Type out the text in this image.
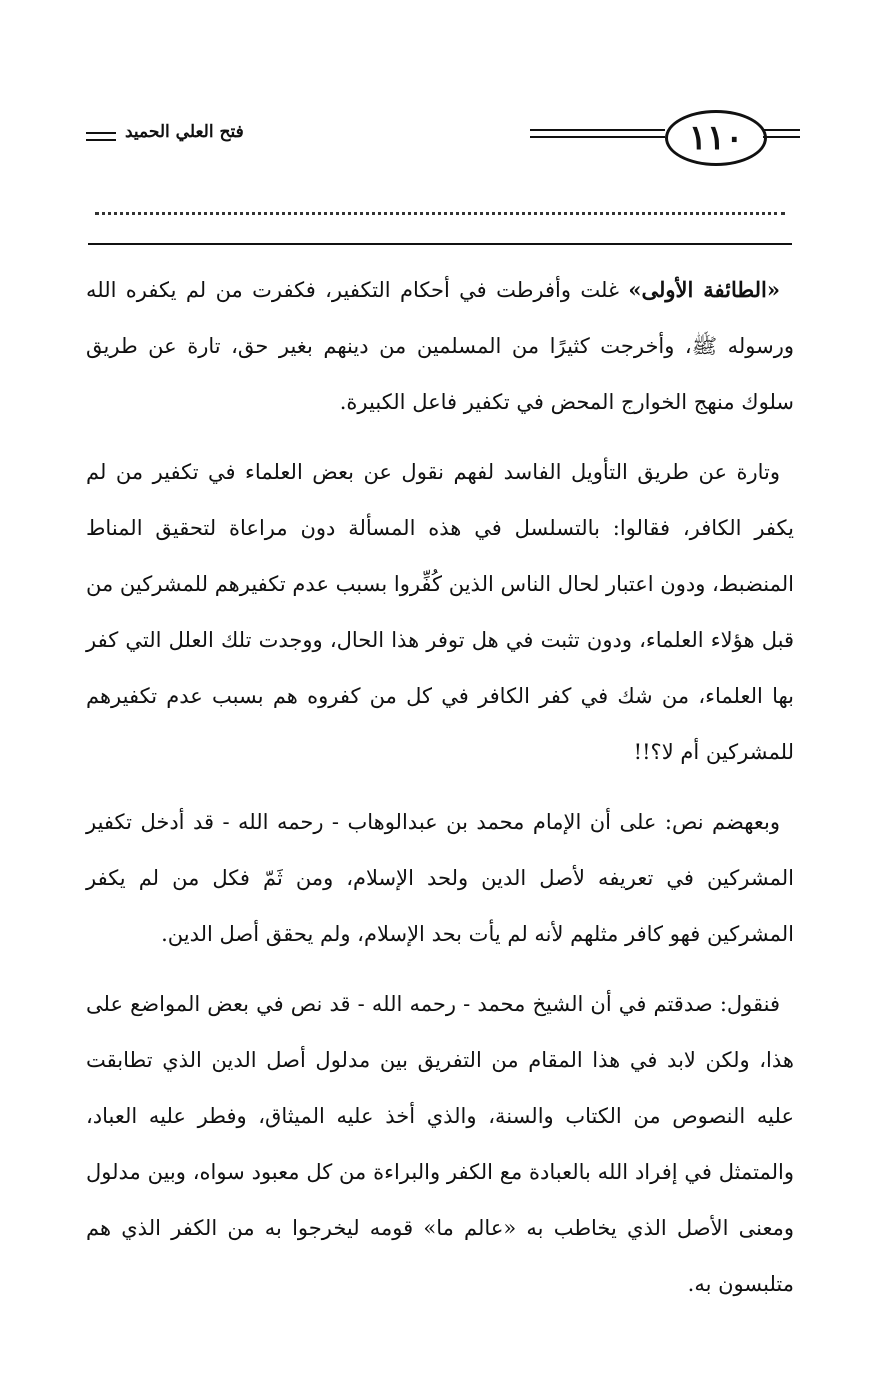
١١٠
فتح العلي الحميد

«الطائفة الأولى» غلت وأفرطت في أحكام التكفير، فكفرت من لم يكفره الله ورسوله ﷺ، وأخرجت كثيرًا من المسلمين من دينهم بغير حق، تارة عن طريق سلوك منهج الخوارج المحض في تكفير فاعل الكبيرة.

وتارة عن طريق التأويل الفاسد لفهم نقول عن بعض العلماء في تكفير من لم يكفر الكافر، فقالوا: بالتسلسل في هذه المسألة دون مراعاة لتحقيق المناط المنضبط، ودون اعتبار لحال الناس الذين كُفِّروا بسبب عدم تكفيرهم للمشركين من قبل هؤلاء العلماء، ودون تثبت في هل توفر هذا الحال، ووجدت تلك العلل التي كفر بها العلماء، من شك في كفر الكافر في كل من كفروه هم بسبب عدم تكفيرهم للمشركين أم لا؟!!

وبعهضم نص: على أن الإمام محمد بن عبدالوهاب - رحمه الله - قد أدخل تكفير المشركين في تعريفه لأصل الدين ولحد الإسلام، ومن ثَمّ فكل من لم يكفر المشركين فهو كافر مثلهم لأنه لم يأت بحد الإسلام، ولم يحقق أصل الدين.

فنقول: صدقتم في أن الشيخ محمد - رحمه الله - قد نص في بعض المواضع على هذا، ولكن لابد في هذا المقام من التفريق بين مدلول أصل الدين الذي تطابقت عليه النصوص من الكتاب والسنة، والذي أخذ عليه الميثاق، وفطر عليه العباد، والمتمثل في إفراد الله بالعبادة مع الكفر والبراءة من كل معبود سواه، وبين مدلول ومعنى الأصل الذي يخاطب به «عالم ما» قومه ليخرجوا به من الكفر الذي هم متلبسون به.
